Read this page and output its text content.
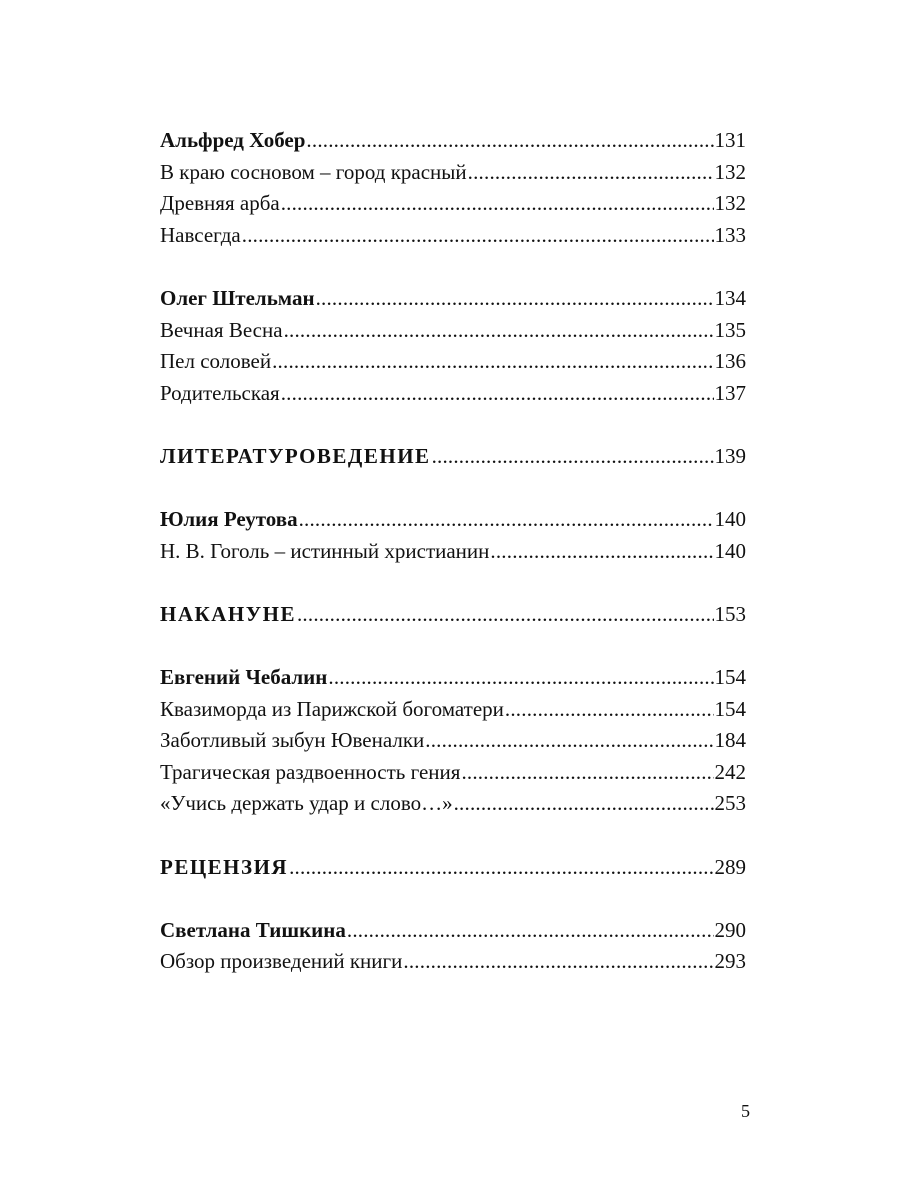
Альфред Хобер .....	131
В краю сосновом – город красный .....	132
Древняя арба .....	132
Навсегда .....	133
Олег Штельман .....	134
Вечная Весна .....	135
Пел соловей .....	136
Родительская .....	137
ЛИТЕРАТУРОВЕДЕНИЕ .....	139
Юлия Реутова .....	140
Н. В. Гоголь – истинный христианин .....	140
НАКАНУНЕ .....	153
Евгений Чебалин .....	154
Квазиморда из Парижской богоматери .....	154
Заботливый зыбун Ювеналки .....	184
Трагическая раздвоенность гения .....	242
«Учись держать удар и слово…» .....	253
РЕЦЕНЗИЯ .....	289
Светлана Тишкина .....	290
Обзор произведений книги .....	293
5
